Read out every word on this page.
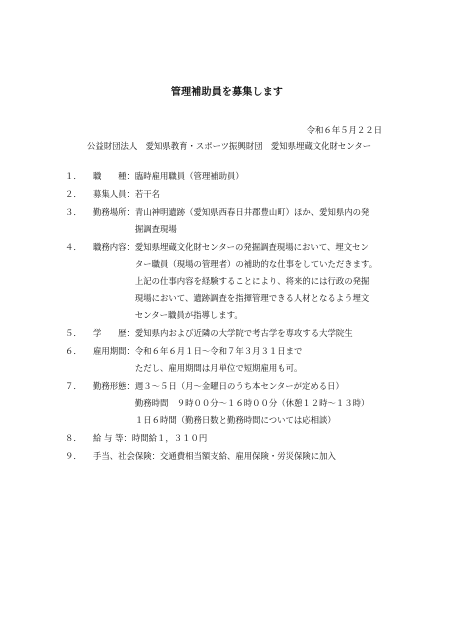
管理補助員を募集します
令和６年５月２２日
公益財団法人　愛知県教育・スポーツ振興財団　愛知県埋蔵文化財センター
１．	職　　種： 臨時雇用職員（管理補助員）
２．	募集人員： 若干名
３．	勤務場所： 青山神明遺跡（愛知県西春日井郡豊山町）ほか、愛知県内の発
掘調査現場
４．	職務内容： 愛知県埋蔵文化財センターの発掘調査現場において、埋文セン
ター職員（現場の管理者）の補助的な仕事をしていただきます。
上記の仕事内容を経験することにより、将来的には行政の発掘
現場において、遺跡調査を指揮管理できる人材となるよう埋文
センター職員が指導します。
５．	学　　歴： 愛知県内および近隣の大学院で考古学を専攻する大学院生
６．	雇用期間： 令和６年６月１日～令和７年３月３１日まで
ただし、雇用期間は月単位で短期雇用も可。
７．	勤務形態： 週３～５日（月～金曜日のうち本センターが定める日）
勤務時間　９時００分～１６時００分（休憩１２時～１３時）
１日６時間（勤務日数と勤務時間については応相談）
８．	給 与 等： 時間給１，３１０円
９．	手当、社会保険： 交通費相当額支給、雇用保険・労災保険に加入
